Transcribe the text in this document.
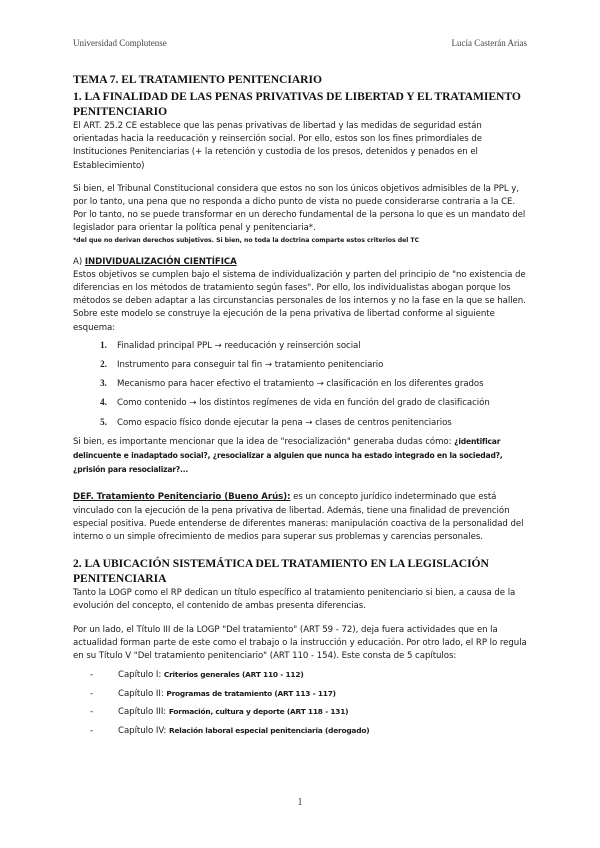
Universidad Complutense	Lucía Casterán Arias
TEMA 7. EL TRATAMIENTO PENITENCIARIO
1. LA FINALIDAD DE LAS PENAS PRIVATIVAS DE LIBERTAD Y EL TRATAMIENTO PENITENCIARIO

El ART. 25.2 CE establece que las penas privativas de libertad y las medidas de seguridad están orientadas hacia la reeducación y reinserción social. Por ello, estos son los fines primordiales de Instituciones Penitenciarias (+ la retención y custodia de los presos, detenidos y penados en el Establecimiento)

Si bien, el Tribunal Constitucional considera que estos no son los únicos objetivos admisibles de la PPL y, por lo tanto, una pena que no responda a dicho punto de vista no puede considerarse contraria a la CE. Por lo tanto, no se puede transformar en un derecho fundamental de la persona lo que es un mandato del legislador para orientar la política penal y penitenciaria*.

*del que no derivan derechos subjetivos. Si bien, no toda la doctrina comparte estos criterios del TC

A) INDIVIDUALIZACIÓN CIENTÍFICA

Estos objetivos se cumplen bajo el sistema de individualización y parten del principio de "no existencia de diferencias en los métodos de tratamiento según fases". Por ello, los individualistas abogan porque los métodos se deben adaptar a las circunstancias personales de los internos y no la fase en la que se hallen.

Sobre este modelo se construye la ejecución de la pena privativa de libertad conforme al siguiente esquema:

1. Finalidad principal PPL → reeducación y reinserción social
2. Instrumento para conseguir tal fin → tratamiento penitenciario
3. Mecanismo para hacer efectivo el tratamiento → clasificación en los diferentes grados
4. Como contenido → los distintos regímenes de vida en función del grado de clasificación
5. Como espacio físico donde ejecutar la pena → clases de centros penitenciarios

Si bien, es importante mencionar que la idea de "resocialización" generaba dudas cómo: ¿identificar delincuente e inadaptado social?, ¿resocializar a alguien que nunca ha estado integrado en la sociedad?, ¿prisión para resocializar?...

DEF. Tratamiento Penitenciario (Bueno Arús): es un concepto jurídico indeterminado que está vinculado con la ejecución de la pena privativa de libertad. Además, tiene una finalidad de prevención especial positiva. Puede entenderse de diferentes maneras: manipulación coactiva de la personalidad del interno o un simple ofrecimiento de medios para superar sus problemas y carencias personales.

2. LA UBICACIÓN SISTEMÁTICA DEL TRATAMIENTO EN LA LEGISLACIÓN PENITENCIARIA

Tanto la LOGP como el RP dedican un título específico al tratamiento penitenciario si bien, a causa de la evolución del concepto, el contenido de ambas presenta diferencias.

Por un lado, el Título III de la LOGP "Del tratamiento" (ART 59 - 72), deja fuera actividades que en la actualidad forman parte de este como el trabajo o la instrucción y educación. Por otro lado, el RP lo regula en su Título V "Del tratamiento penitenciario" (ART 110 - 154). Este consta de 5 capítulos:

- Capítulo I: Criterios generales (ART 110 - 112)
- Capítulo II: Programas de tratamiento (ART 113 - 117)
- Capítulo III: Formación, cultura y deporte (ART 118 - 131)
- Capítulo IV: Relación laboral especial penitenciaria (derogado)
1
